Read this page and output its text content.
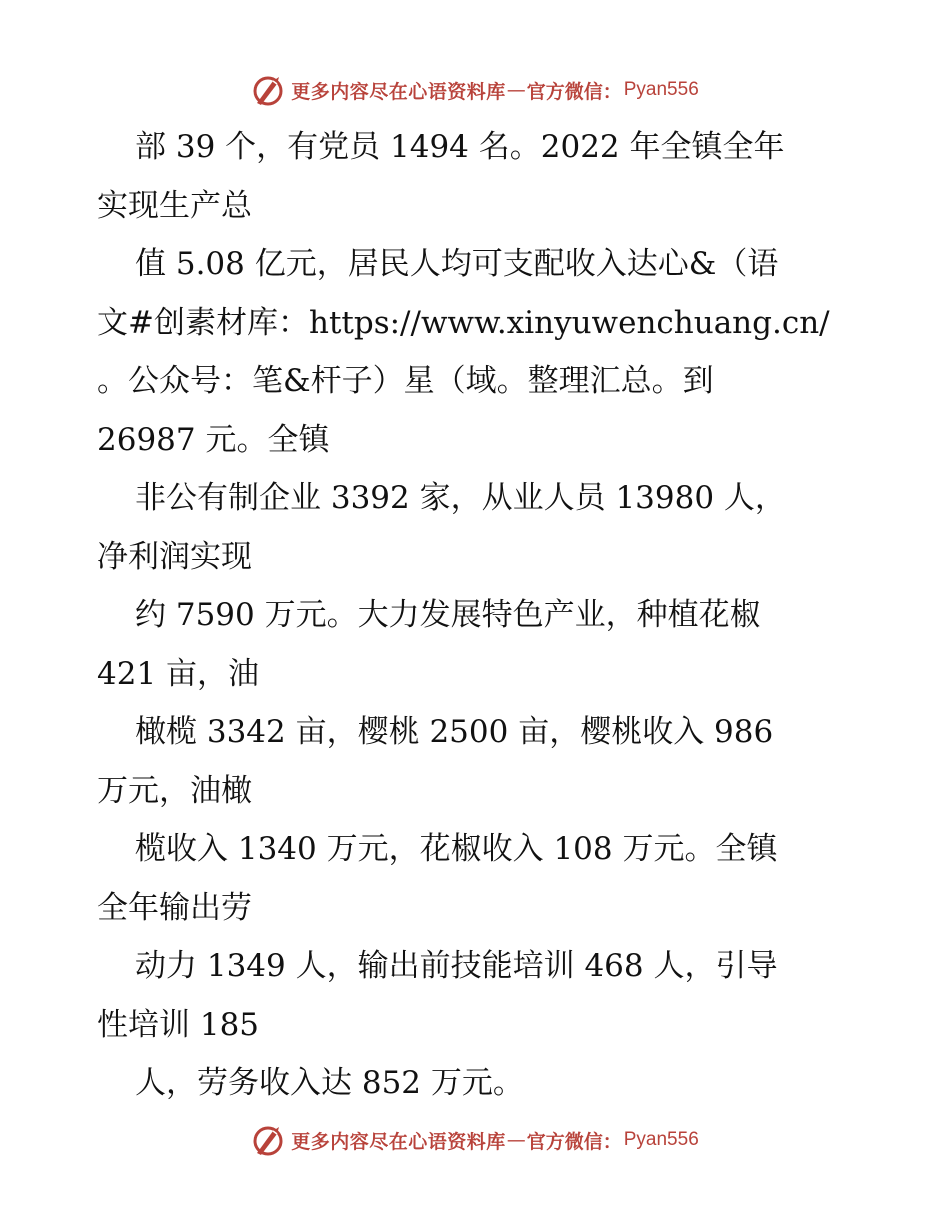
更多内容尽在心语资料库 — 官方微信： Pyan556
部 39 个，有党员 1494 名。2022 年全镇全年
实现生产总
值 5.08 亿元，居民人均可支配收入达心&（语
文#创素材库：https://www.xinyuwenchuang.cn/
。公众号：笔&杆子）星（域。整理汇总。到
26987 元。全镇
非公有制企业 3392 家，从业人员 13980 人，
净利润实现
约 7590 万元。大力发展特色产业，种植花椒
421 亩，油
橄榄 3342 亩，樱桃 2500 亩，樱桃收入 986
万元，油橄
榄收入 1340 万元，花椒收入 108 万元。全镇
全年输出劳
动力 1349 人，输出前技能培训 468 人，引导
性培训 185
人，劳务收入达 852 万元。
更多内容尽在心语资料库 — 官方微信： Pyan556
